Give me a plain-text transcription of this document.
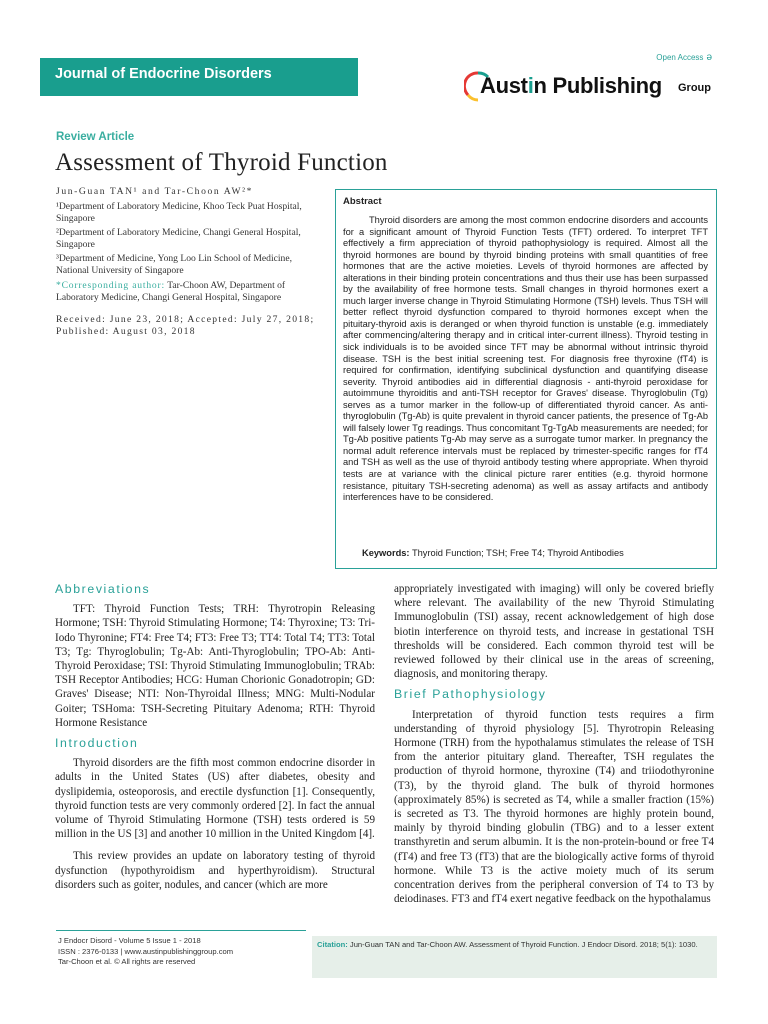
Open Access ə
Journal of Endocrine Disorders	Austin Publishing Group
Review Article
Assessment of Thyroid Function
Jun-Guan TAN¹ and Tar-Choon AW²*
¹Department of Laboratory Medicine, Khoo Teck Puat Hospital, Singapore
²Department of Laboratory Medicine, Changi General Hospital, Singapore
³Department of Medicine, Yong Loo Lin School of Medicine, National University of Singapore
*Corresponding author: Tar-Choon AW, Department of Laboratory Medicine, Changi General Hospital, Singapore
Received: June 23, 2018; Accepted: July 27, 2018; Published: August 03, 2018
Abstract
Thyroid disorders are among the most common endocrine disorders and accounts for a significant amount of Thyroid Function Tests (TFT) ordered. To interpret TFT effectively a firm appreciation of thyroid pathophysiology is required. Almost all the thyroid hormones are bound by thyroid binding proteins with small quantities of free hormones that are the active moieties. Levels of thyroid hormones are affected by alterations in their binding protein concentrations and thus their use has been surpassed by the availability of free hormone tests. Small changes in thyroid hormones exert a much larger inverse change in Thyroid Stimulating Hormone (TSH) levels. Thus TSH will better reflect thyroid dysfunction compared to thyroid hormones except when the pituitary-thyroid axis is deranged or when thyroid function is unstable (e.g. immediately after commencing/altering therapy and in critical inter-current illness). Thyroid testing in sick individuals is to be avoided since TFT may be abnormal without intrinsic thyroid disease. TSH is the best initial screening test. For diagnosis free thyroxine (fT4) is required for confirmation, identifying subclinical dysfunction and quantifying disease severity. Thyroid antibodies aid in differential diagnosis - anti-thyroid peroxidase for autoimmune thyroiditis and anti-TSH receptor for Graves' disease. Thyroglobulin (Tg) serves as a tumor marker in the follow-up of differentiated thyroid cancer. As anti-thyroglobulin (Tg-Ab) is quite prevalent in thyroid cancer patients, the presence of Tg-Ab will falsely lower Tg readings. Thus concomitant Tg-TgAb measurements are needed; for Tg-Ab positive patients Tg-Ab may serve as a surrogate tumor marker. In pregnancy the normal adult reference intervals must be replaced by trimester-specific ranges for fT4 and TSH as well as the use of thyroid antibody testing where appropriate. When thyroid tests are at variance with the clinical picture rarer entities (e.g. thyroid hormone resistance, pituitary TSH-secreting adenoma) as well as assay artifacts and antibody interferences have to be considered.
Keywords: Thyroid Function; TSH; Free T4; Thyroid Antibodies
Abbreviations

TFT: Thyroid Function Tests; TRH: Thyrotropin Releasing Hormone; TSH: Thyroid Stimulating Hormone; T4: Thyroxine; T3: Tri-Iodo Thyronine; FT4: Free T4; FT3: Free T3; TT4: Total T4; TT3: Total T3; Tg: Thyroglobulin; Tg-Ab: Anti-Thyroglobulin; TPO-Ab: Anti-Thyroid Peroxidase; TSI: Thyroid Stimulating Immunoglobulin; TRAb: TSH Receptor Antibodies; HCG: Human Chorionic Gonadotropin; GD: Graves' Disease; NTI: Non-Thyroidal Illness; MNG: Multi-Nodular Goiter; TSHoma: TSH-Secreting Pituitary Adenoma; RTH: Thyroid Hormone Resistance

Introduction

Thyroid disorders are the fifth most common endocrine disorder in adults in the United States (US) after diabetes, obesity and dyslipidemia, osteoporosis, and erectile dysfunction [1]. Consequently, thyroid function tests are very commonly ordered [2]. In fact the annual volume of Thyroid Stimulating Hormone (TSH) tests ordered is 59 million in the US [3] and another 10 million in the United Kingdom [4].

This review provides an update on laboratory testing of thyroid dysfunction (hypothyroidism and hyperthyroidism). Structural disorders such as goiter, nodules, and cancer (which are more

appropriately investigated with imaging) will only be covered briefly where relevant. The availability of the new Thyroid Stimulating Immunoglobulin (TSI) assay, recent acknowledgement of high dose biotin interference on thyroid tests, and increase in gestational TSH thresholds will be considered. Each common thyroid test will be reviewed followed by their clinical use in the areas of screening, diagnosis, and monitoring therapy.

Brief Pathophysiology

Interpretation of thyroid function tests requires a firm understanding of thyroid physiology [5]. Thyrotropin Releasing Hormone (TRH) from the hypothalamus stimulates the release of TSH from the anterior pituitary gland. Thereafter, TSH regulates the production of thyroid hormone, thyroxine (T4) and triiodothyronine (T3), by the thyroid gland. The bulk of thyroid hormones (approximately 85%) is secreted as T4, while a smaller fraction (15%) is secreted as T3. The thyroid hormones are highly protein bound, mainly by thyroid binding globulin (TBG) and to a lesser extent transthyretin and serum albumin. It is the non-protein-bound or free T4 (fT4) and free T3 (fT3) that are the biologically active forms of thyroid hormone. While T3 is the active moiety much of its serum concentration derives from the peripheral conversion of T4 to T3 by deiodinases. FT3 and fT4 exert negative feedback on the hypothalamus

J Endocr Disord - Volume 5 Issue 1 - 2018
ISSN : 2376-0133 | www.austinpublishinggroup.com
Tar-Choon et al. © All rights are reserved
Citation: Jun-Guan TAN and Tar-Choon AW. Assessment of Thyroid Function. J Endocr Disord. 2018; 5(1): 1030.
